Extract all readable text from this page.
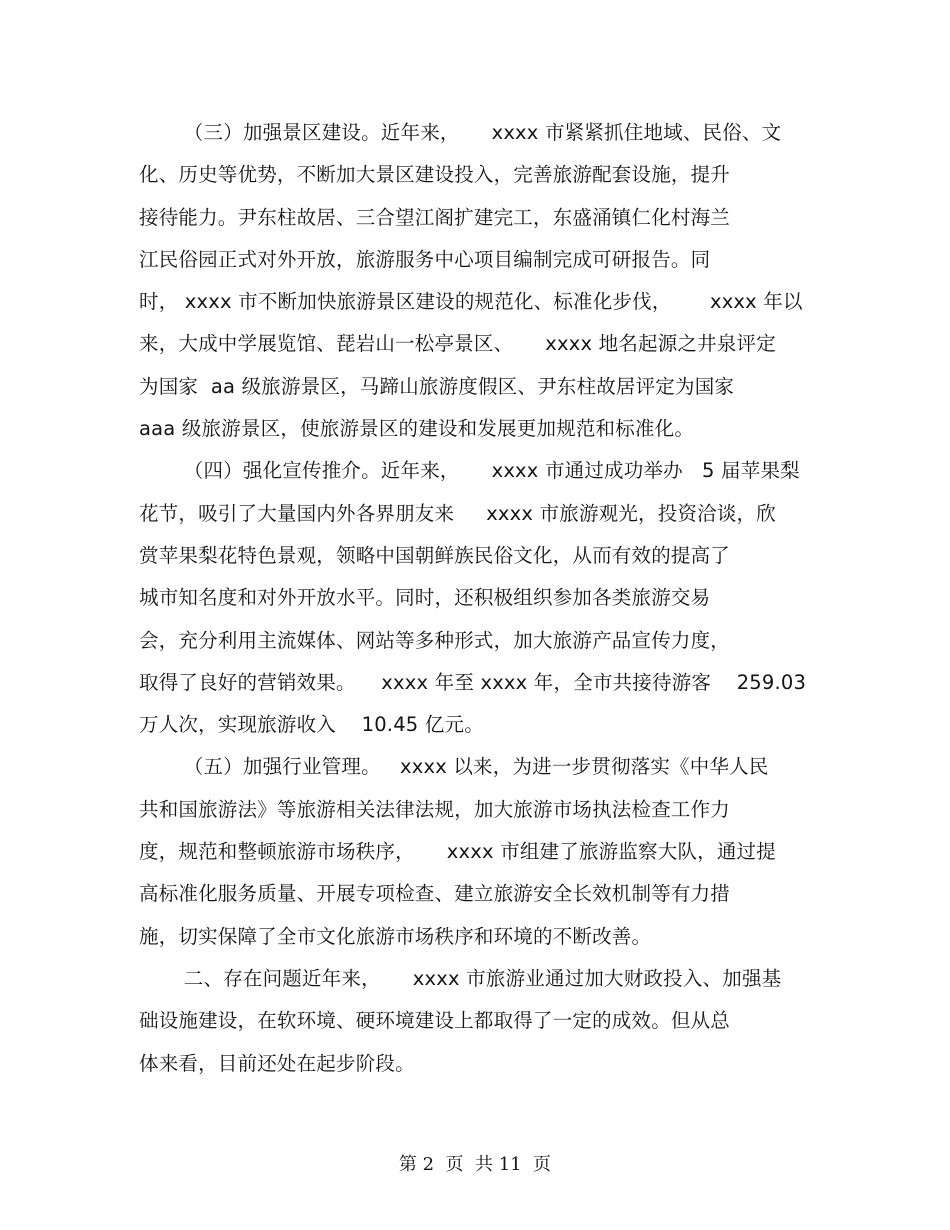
（三）加强景区建设。近年来，     xxxx 市紧紧抓住地域、民俗、文
化、历史等优势，不断加大景区建设投入，完善旅游配套设施，提升
接待能力。尹东柱故居、三合望江阁扩建完工，东盛涌镇仁化村海兰
江民俗园正式对外开放，旅游服务中心项目编制完成可研报告。同
时， xxxx 市不断加快旅游景区建设的规范化、标准化步伐，      xxxx 年以
来，大成中学展览馆、琵岩山一松亭景区、     xxxx 地名起源之井泉评定
为国家  aa 级旅游景区，马蹄山旅游度假区、尹东柱故居评定为国家
aaa 级旅游景区，使旅游景区的建设和发展更加规范和标准化。
（四）强化宣传推介。近年来，     xxxx 市通过成功举办   5 届苹果梨
花节，吸引了大量国内外各界朋友来     xxxx 市旅游观光，投资洽谈，欣
赏苹果梨花特色景观，领略中国朝鲜族民俗文化，从而有效的提高了
城市知名度和对外开放水平。同时，还积极组织参加各类旅游交易
会，充分利用主流媒体、网站等多种形式，加大旅游产品宣传力度，
取得了良好的营销效果。    xxxx 年至 xxxx 年，全市共接待游客    259.03
万人次，实现旅游收入    10.45 亿元。
（五）加强行业管理。   xxxx 以来，为进一步贯彻落实《中华人民
共和国旅游法》等旅游相关法律法规，加大旅游市场执法检查工作力
度，规范和整顿旅游市场秩序，     xxxx 市组建了旅游监察大队，通过提
高标准化服务质量、开展专项检查、建立旅游安全长效机制等有力措
施，切实保障了全市文化旅游市场秩序和环境的不断改善。
二、存在问题近年来，     xxxx 市旅游业通过加大财政投入、加强基
础设施建设，在软环境、硬环境建设上都取得了一定的成效。但从总
体来看，目前还处在起步阶段。
第 2  页  共 11  页
